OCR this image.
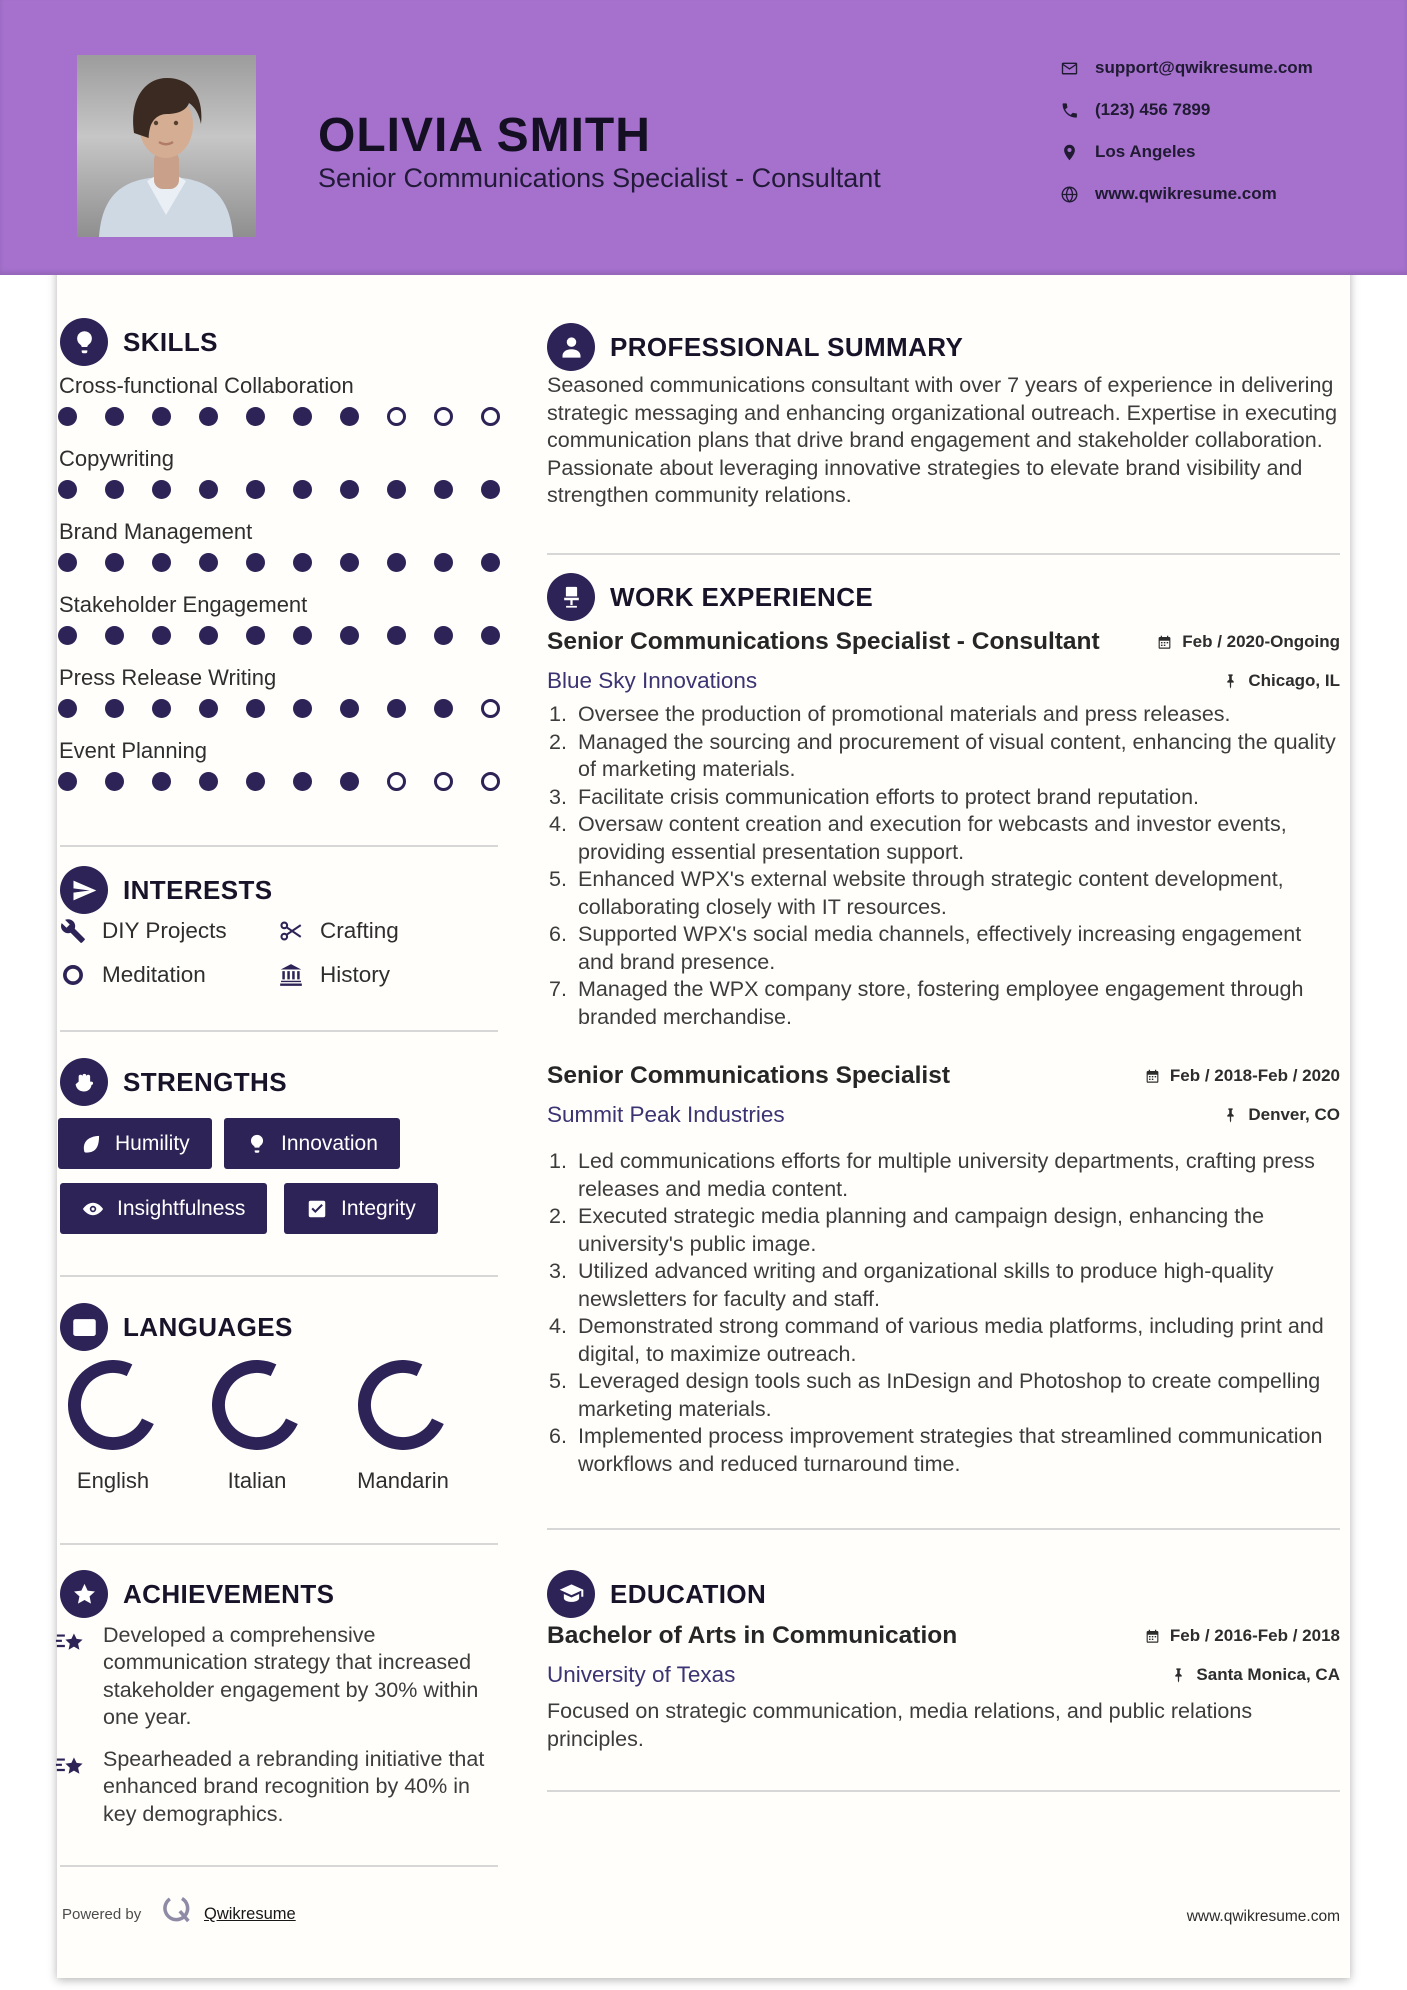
OLIVIA SMITH
Senior Communications Specialist - Consultant
support@qwikresume.com
(123) 456 7899
Los Angeles
www.qwikresume.com
SKILLS
Cross-functional Collaboration
Copywriting
Brand Management
Stakeholder Engagement
Press Release Writing
Event Planning
INTERESTS
DIY Projects	Crafting
Meditation	History
STRENGTHS
Humility	Innovation
Insightfulness	Integrity
LANGUAGES
English	Italian	Mandarin
ACHIEVEMENTS
Developed a comprehensive communication strategy that increased stakeholder engagement by 30% within one year.
Spearheaded a rebranding initiative that enhanced brand recognition by 40% in key demographics.
PROFESSIONAL SUMMARY
Seasoned communications consultant with over 7 years of experience in delivering strategic messaging and enhancing organizational outreach. Expertise in executing communication plans that drive brand engagement and stakeholder collaboration. Passionate about leveraging innovative strategies to elevate brand visibility and strengthen community relations.
WORK EXPERIENCE
Senior Communications Specialist - Consultant	Feb / 2020-Ongoing
Blue Sky Innovations	Chicago, IL
Oversee the production of promotional materials and press releases.
Managed the sourcing and procurement of visual content, enhancing the quality of marketing materials.
Facilitate crisis communication efforts to protect brand reputation.
Oversaw content creation and execution for webcasts and investor events, providing essential presentation support.
Enhanced WPX's external website through strategic content development, collaborating closely with IT resources.
Supported WPX's social media channels, effectively increasing engagement and brand presence.
Managed the WPX company store, fostering employee engagement through branded merchandise.
Senior Communications Specialist	Feb / 2018-Feb / 2020
Summit Peak Industries	Denver, CO
Led communications efforts for multiple university departments, crafting press releases and media content.
Executed strategic media planning and campaign design, enhancing the university's public image.
Utilized advanced writing and organizational skills to produce high-quality newsletters for faculty and staff.
Demonstrated strong command of various media platforms, including print and digital, to maximize outreach.
Leveraged design tools such as InDesign and Photoshop to create compelling marketing materials.
Implemented process improvement strategies that streamlined communication workflows and reduced turnaround time.
EDUCATION
Bachelor of Arts in Communication	Feb / 2016-Feb / 2018
University of Texas	Santa Monica, CA
Focused on strategic communication, media relations, and public relations principles.
Powered by	Qwikresume	www.qwikresume.com
